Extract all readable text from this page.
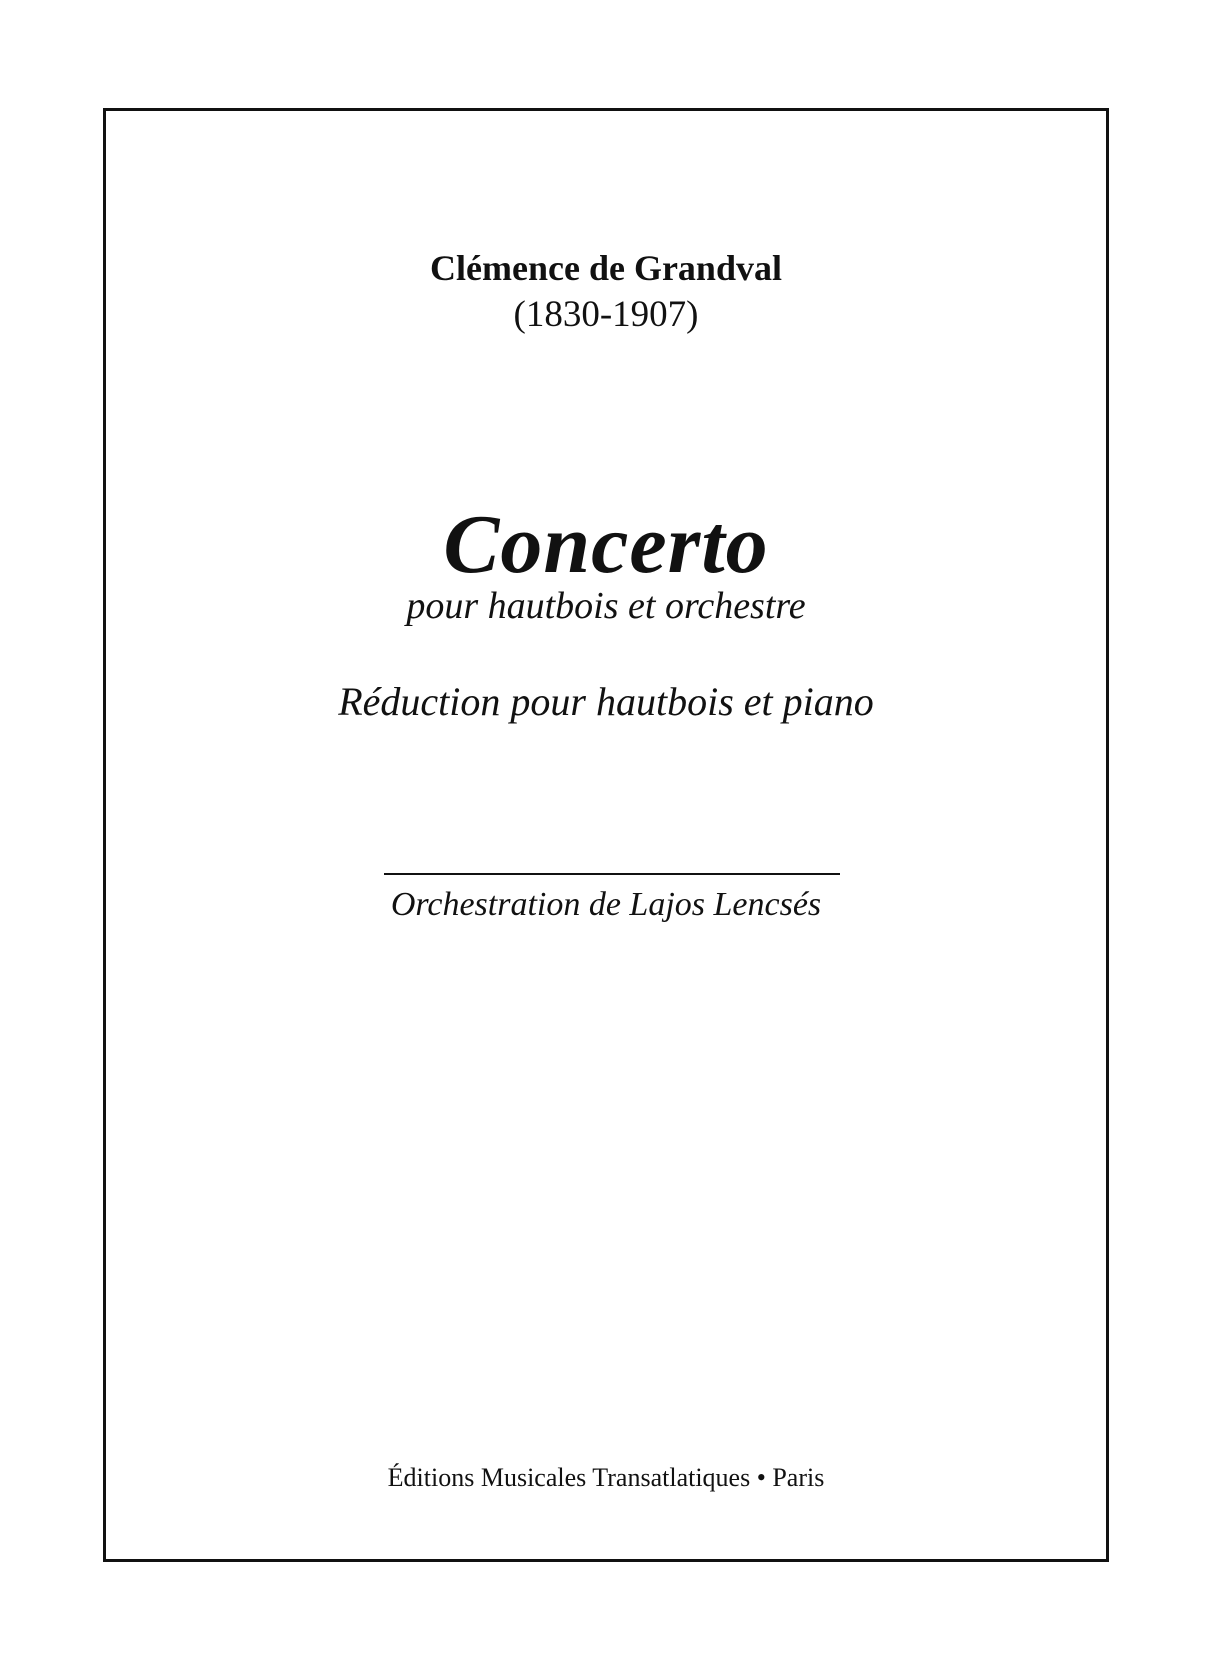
Clémence de Grandval
(1830-1907)
Concerto
pour hautbois et orchestre
Réduction pour hautbois et piano
Orchestration de Lajos Lencsés
Éditions Musicales Transatlatiques • Paris
